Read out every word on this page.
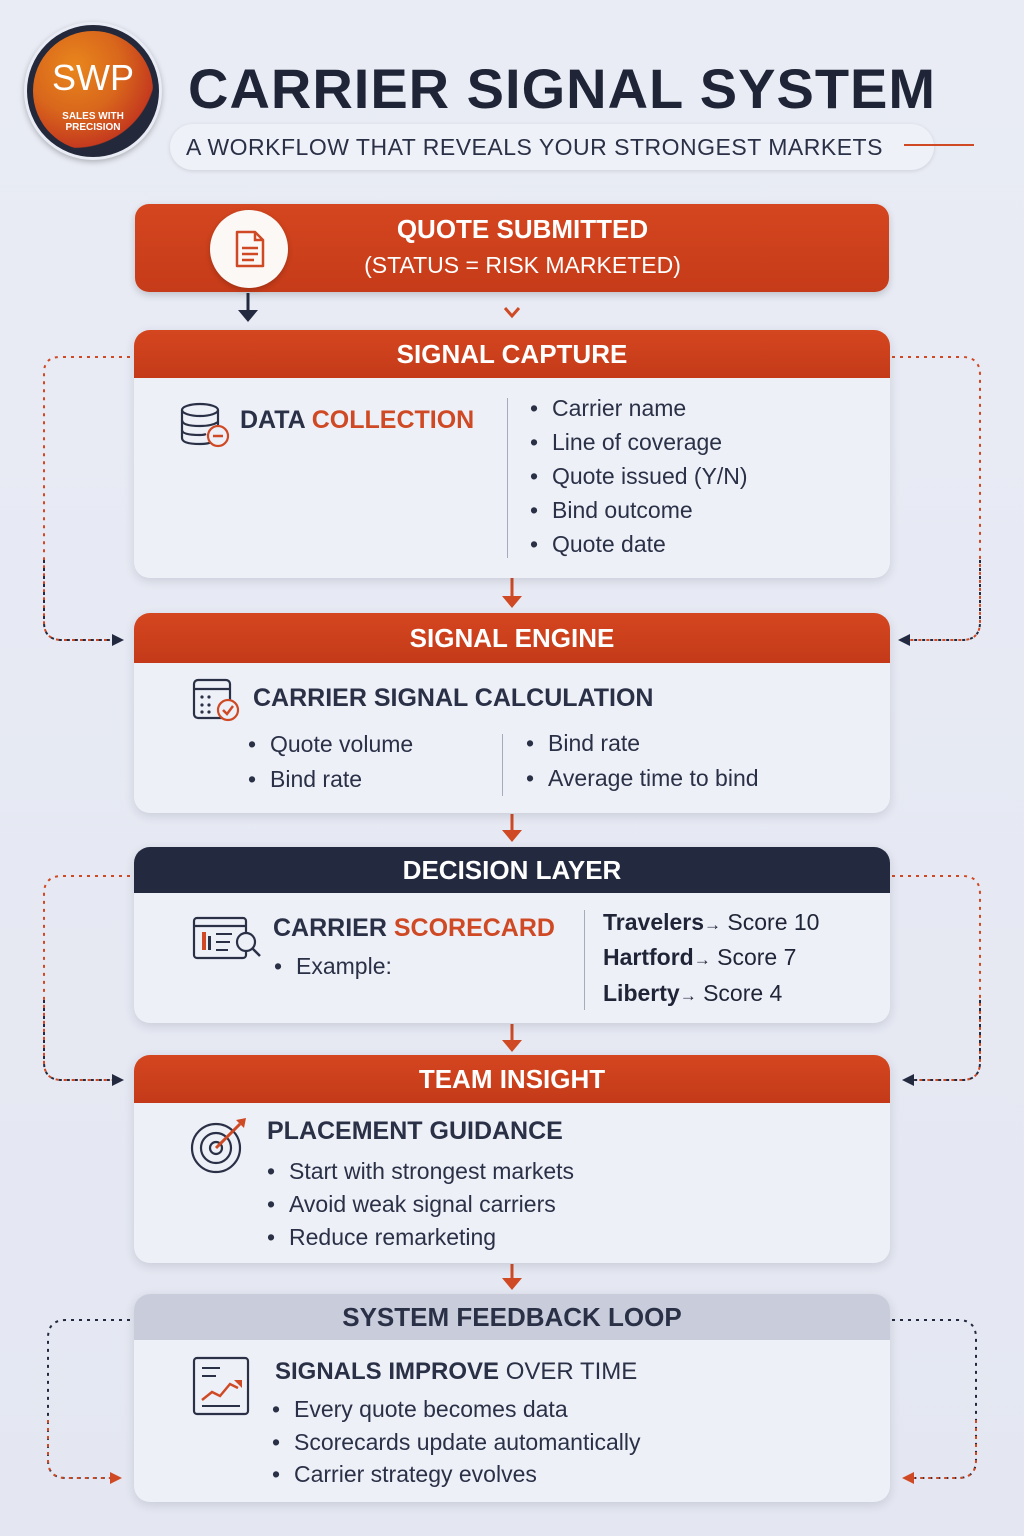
SWP
SALES WITH PRECISION
CARRIER SIGNAL SYSTEM
A WORKFLOW THAT REVEALS YOUR STRONGEST MARKETS
QUOTE SUBMITTED
(STATUS = RISK MARKETED)
SIGNAL CAPTURE
DATA COLLECTION
•	Carrier name
• Line of coverage
• Quote issued (Y/N)
• Bind outcome
• Quote date
SIGNAL ENGINE
CARRIER SIGNAL CALCULATION
• Quote volume
• Bind rate
• Bind rate
• Average time to bind
DECISION LAYER
CARRIER SCORECARD
• Example:
Travelers→ Score 10
Hartford→ Score 7
Liberty→ Score 4
TEAM INSIGHT
PLACEMENT GUIDANCE
• Start with strongest markets
• Avoid weak signal carriers
• Reduce remarketing
SYSTEM FEEDBACK LOOP
SIGNALS IMPROVE OVER TIME
• Every quote becomes data
• Scorecards update automantically
• Carrier strategy evolves
